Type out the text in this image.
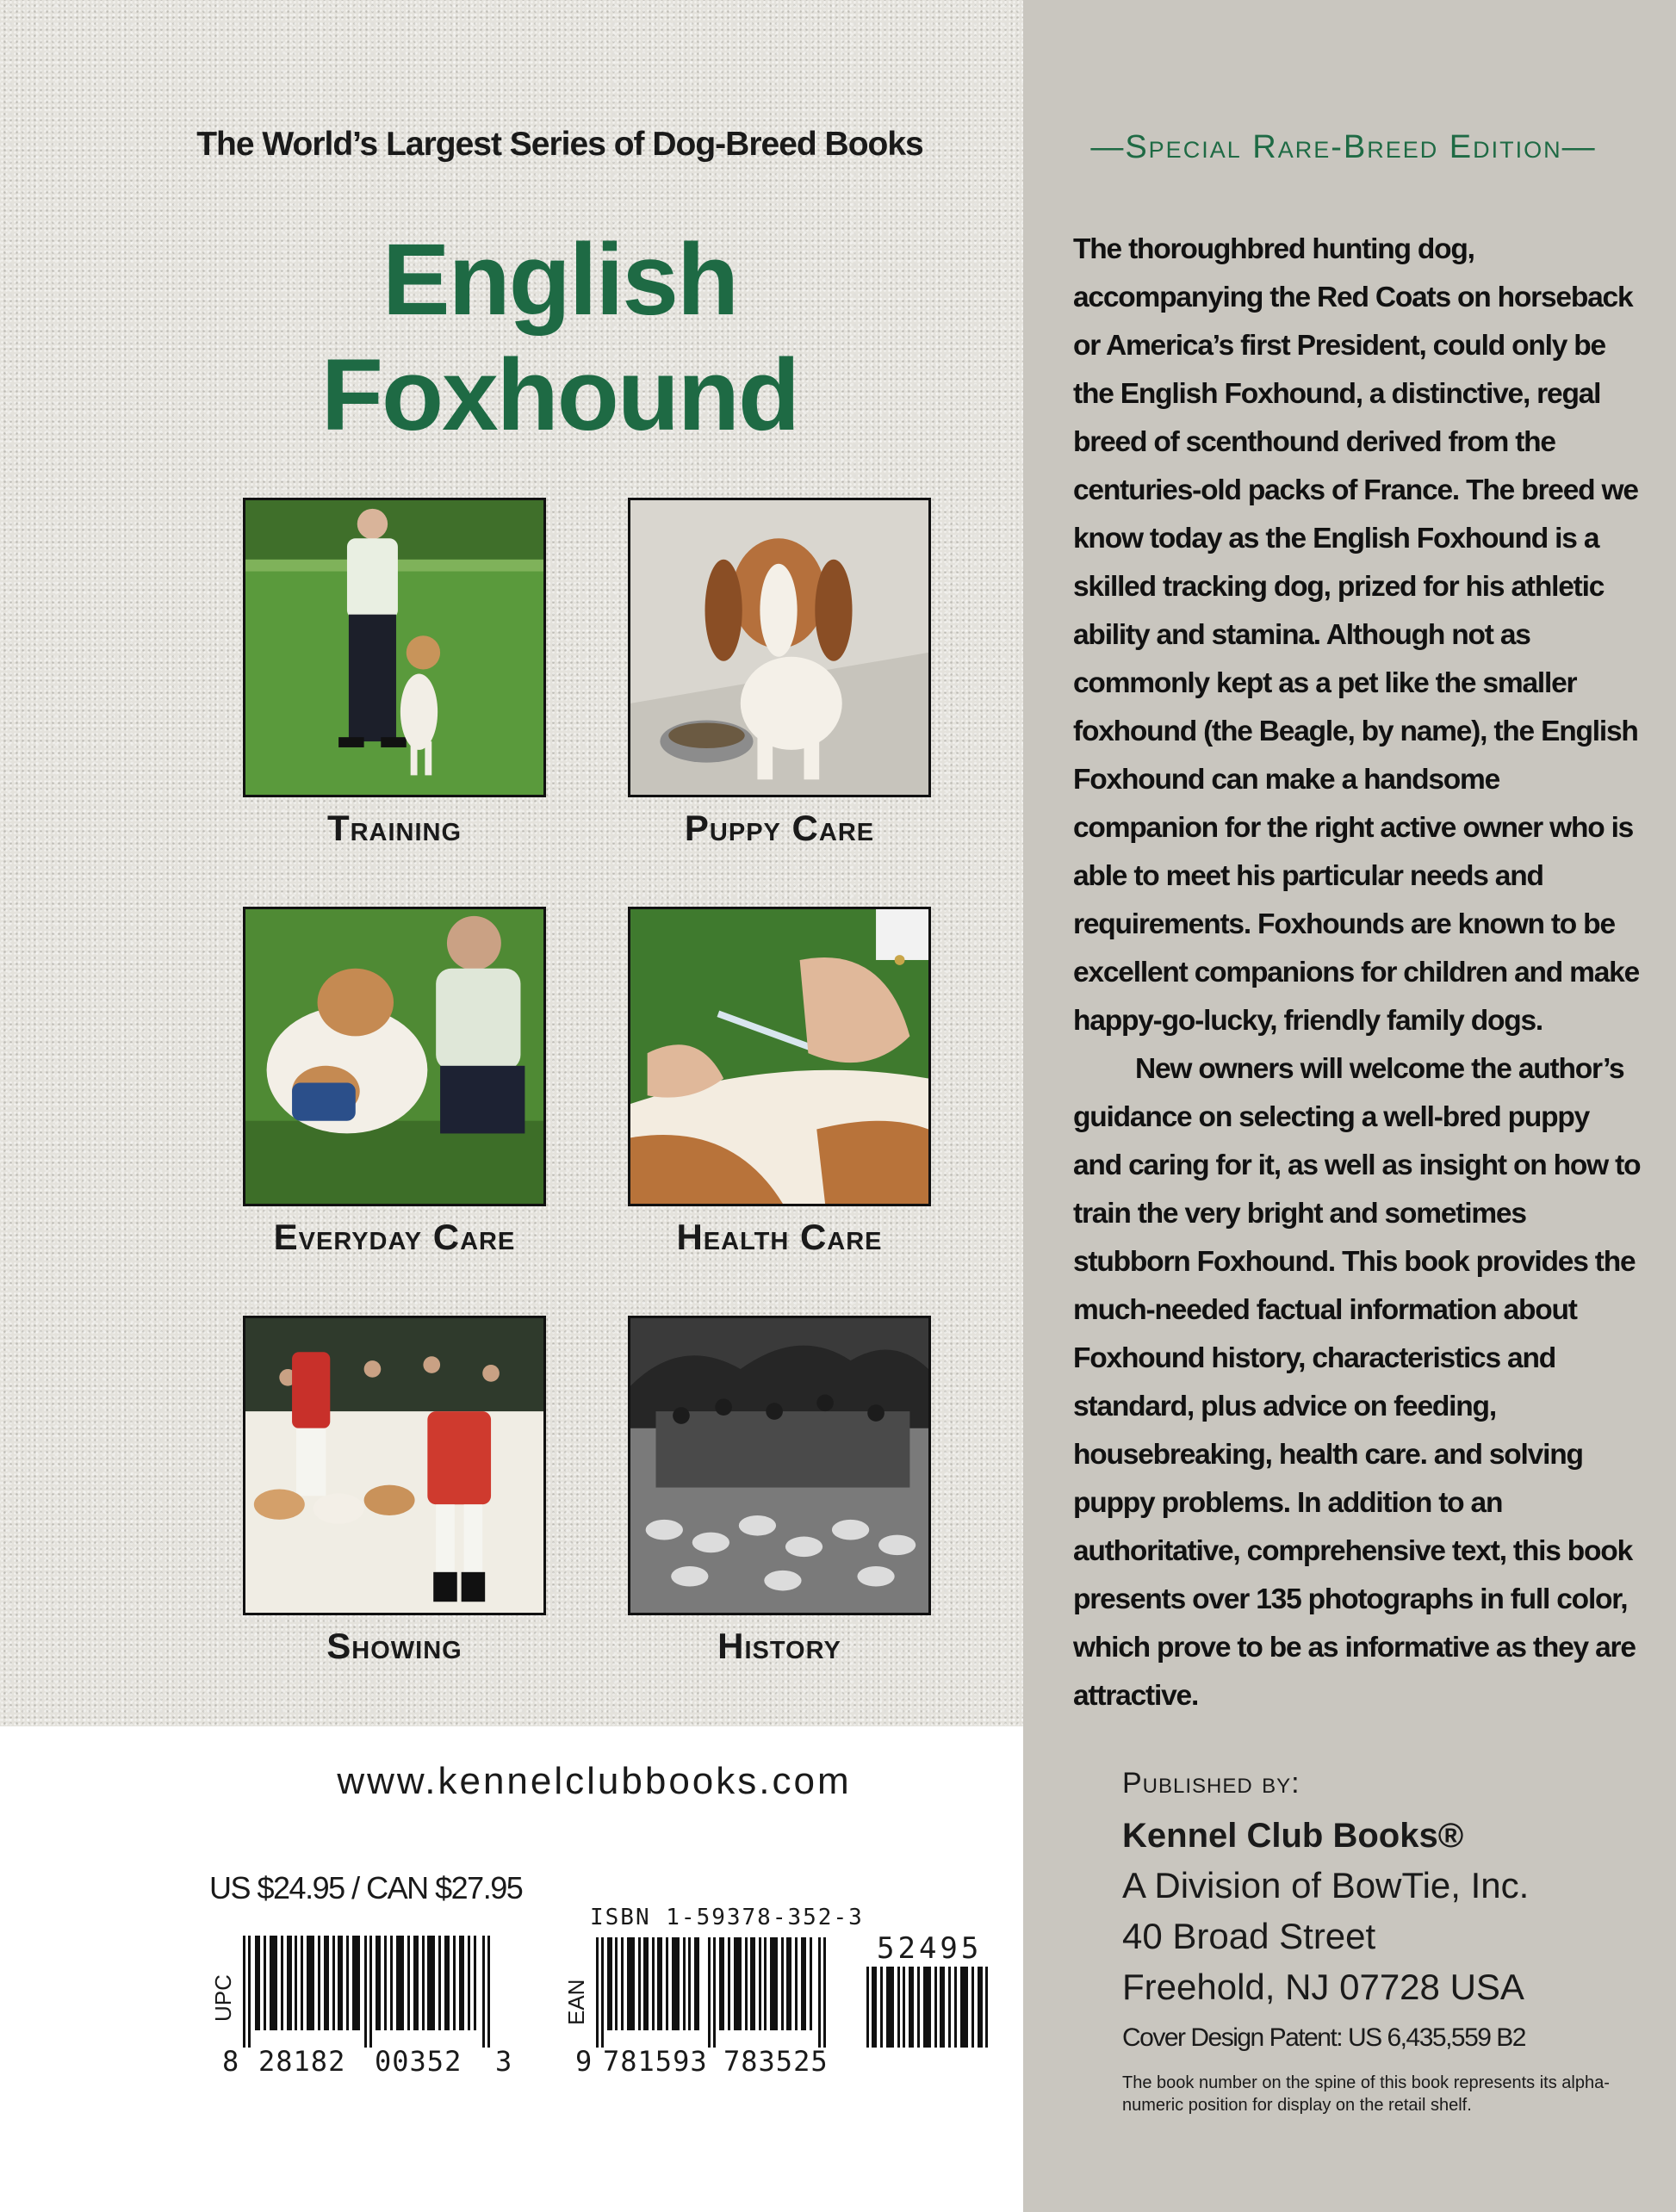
The World’s Largest Series of Dog-Breed Books
English
Foxhound
Training	Puppy Care
Everyday Care	Health Care
Showing	History
www.kennelclubbooks.com
US $24.95 / CAN $27.95
ISBN 1-59378-352-3
UPC
8 28182 00352 3
EAN
9 781593 783525
52495
—Special Rare-Breed Edition—

The thoroughbred hunting dog, accompanying the Red Coats on horseback or America’s first President, could only be the English Foxhound, a distinctive, regal breed of scenthound derived from the centuries-old packs of France. The breed we know today as the English Foxhound is a skilled tracking dog, prized for his athletic ability and stamina. Although not as commonly kept as a pet like the smaller foxhound (the Beagle, by name), the English Foxhound can make a handsome companion for the right active owner who is able to meet his particular needs and requirements. Foxhounds are known to be excellent companions for children and make happy-go-lucky, friendly family dogs.

New owners will welcome the author’s guidance on selecting a well-bred puppy and caring for it, as well as insight on how to train the very bright and sometimes stubborn Foxhound. This book provides the much-needed factual information about Foxhound history, characteristics and standard, plus advice on feeding, housebreaking, health care. and solving puppy problems. In addition to an authoritative, comprehensive text, this book presents over 135 photographs in full color, which prove to be as informative as they are attractive.

Published by:
Kennel Club Books®
A Division of BowTie, Inc.
40 Broad Street
Freehold, NJ 07728 USA
Cover Design Patent: US 6,435,559 B2
The book number on the spine of this book represents its alpha-numeric position for display on the retail shelf.
